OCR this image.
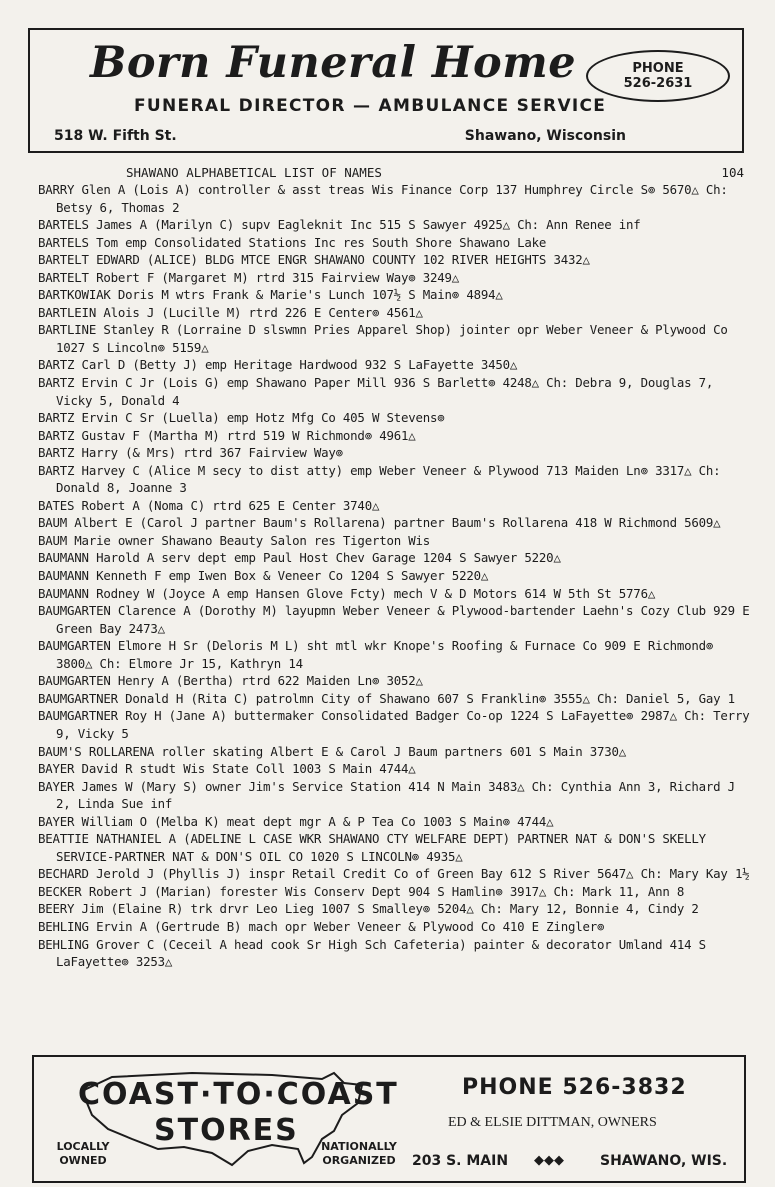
Born Funeral Home
FUNERAL DIRECTOR — AMBULANCE SERVICE
518 W. Fifth St.	Shawano, Wisconsin
PHONE
526-2631
SHAWANO ALPHABETICAL LIST OF NAMES	104

BARRY Glen A (Lois A) controller & asst treas Wis Finance Corp 137 Humphrey Circle S⊚ 5670△ Ch: Betsy 6, Thomas 2

BARTELS James A (Marilyn C) supv Eagleknit Inc 515 S Sawyer 4925△ Ch: Ann Renee inf

BARTELS Tom emp Consolidated Stations Inc res South Shore Shawano Lake

BARTELT EDWARD (ALICE) BLDG MTCE ENGR SHAWANO COUNTY 102 RIVER HEIGHTS 3432△

BARTELT Robert F (Margaret M) rtrd 315 Fairview Way⊚ 3249△

BARTKOWIAK Doris M wtrs Frank & Marie's Lunch 107½ S Main⊚ 4894△

BARTLEIN Alois J (Lucille M) rtrd 226 E Center⊚ 4561△

BARTLINE Stanley R (Lorraine D slswmn Pries Apparel Shop) jointer opr Weber Veneer & Plywood Co 1027 S Lincoln⊚ 5159△

BARTZ Carl D (Betty J) emp Heritage Hardwood 932 S LaFayette 3450△

BARTZ Ervin C Jr (Lois G) emp Shawano Paper Mill 936 S Barlett⊚ 4248△ Ch: Debra 9, Douglas 7, Vicky 5, Donald 4

BARTZ Ervin C Sr (Luella) emp Hotz Mfg Co 405 W Stevens⊚

BARTZ Gustav F (Martha M) rtrd 519 W Richmond⊚ 4961△

BARTZ Harry (& Mrs) rtrd 367 Fairview Way⊚

BARTZ Harvey C (Alice M secy to dist atty) emp Weber Veneer & Plywood 713 Maiden Ln⊚ 3317△ Ch: Donald 8, Joanne 3

BATES Robert A (Noma C) rtrd 625 E Center 3740△

BAUM Albert E (Carol J partner Baum's Rollarena) partner Baum's Rollarena 418 W Richmond 5609△

BAUM Marie owner Shawano Beauty Salon res Tigerton Wis

BAUMANN Harold A serv dept emp Paul Host Chev Garage 1204 S Sawyer 5220△

BAUMANN Kenneth F emp Iwen Box & Veneer Co 1204 S Sawyer 5220△

BAUMANN Rodney W (Joyce A emp Hansen Glove Fcty) mech V & D Motors 614 W 5th St 5776△

BAUMGARTEN Clarence A (Dorothy M) layupmn Weber Veneer & Plywood-bartender Laehn's Cozy Club 929 E Green Bay 2473△

BAUMGARTEN Elmore H Sr (Deloris M L) sht mtl wkr Knope's Roofing & Furnace Co 909 E Richmond⊚ 3800△ Ch: Elmore Jr 15, Kathryn 14

BAUMGARTEN Henry A (Bertha) rtrd 622 Maiden Ln⊚ 3052△

BAUMGARTNER Donald H (Rita C) patrolmn City of Shawano 607 S Franklin⊚ 3555△ Ch: Daniel 5, Gay 1

BAUMGARTNER Roy H (Jane A) buttermaker Consolidated Badger Co-op 1224 S LaFayette⊚ 2987△ Ch: Terry 9, Vicky 5

BAUM'S ROLLARENA roller skating Albert E & Carol J Baum partners 601 S Main 3730△

BAYER David R studt Wis State Coll 1003 S Main 4744△

BAYER James W (Mary S) owner Jim's Service Station 414 N Main 3483△ Ch: Cynthia Ann 3, Richard J 2, Linda Sue inf

BAYER William O (Melba K) meat dept mgr A & P Tea Co 1003 S Main⊚ 4744△

BEATTIE NATHANIEL A (ADELINE L CASE WKR SHAWANO CTY WELFARE DEPT) PARTNER NAT & DON'S SKELLY SERVICE-PARTNER NAT & DON'S OIL CO 1020 S LINCOLN⊚ 4935△

BECHARD Jerold J (Phyllis J) inspr Retail Credit Co of Green Bay 612 S River 5647△ Ch: Mary Kay 1½

BECKER Robert J (Marian) forester Wis Conserv Dept 904 S Hamlin⊚ 3917△ Ch: Mark 11, Ann 8

BEERY Jim (Elaine R) trk drvr Leo Lieg 1007 S Smalley⊚ 5204△ Ch: Mary 12, Bonnie 4, Cindy 2

BEHLING Ervin A (Gertrude B) mach opr Weber Veneer & Plywood Co 410 E Zingler⊚

BEHLING Grover C (Ceceil A head cook Sr High Sch Cafeteria) painter & decorator Umland 414 S LaFayette⊚ 3253△

COAST·TO·COAST
STORES
LOCALLY
OWNED
NATIONALLY
ORGANIZED
PHONE 526-3832
ED & ELSIE DITTMAN, OWNERS
203 S. MAIN ◆◆◆	SHAWANO, WIS.
